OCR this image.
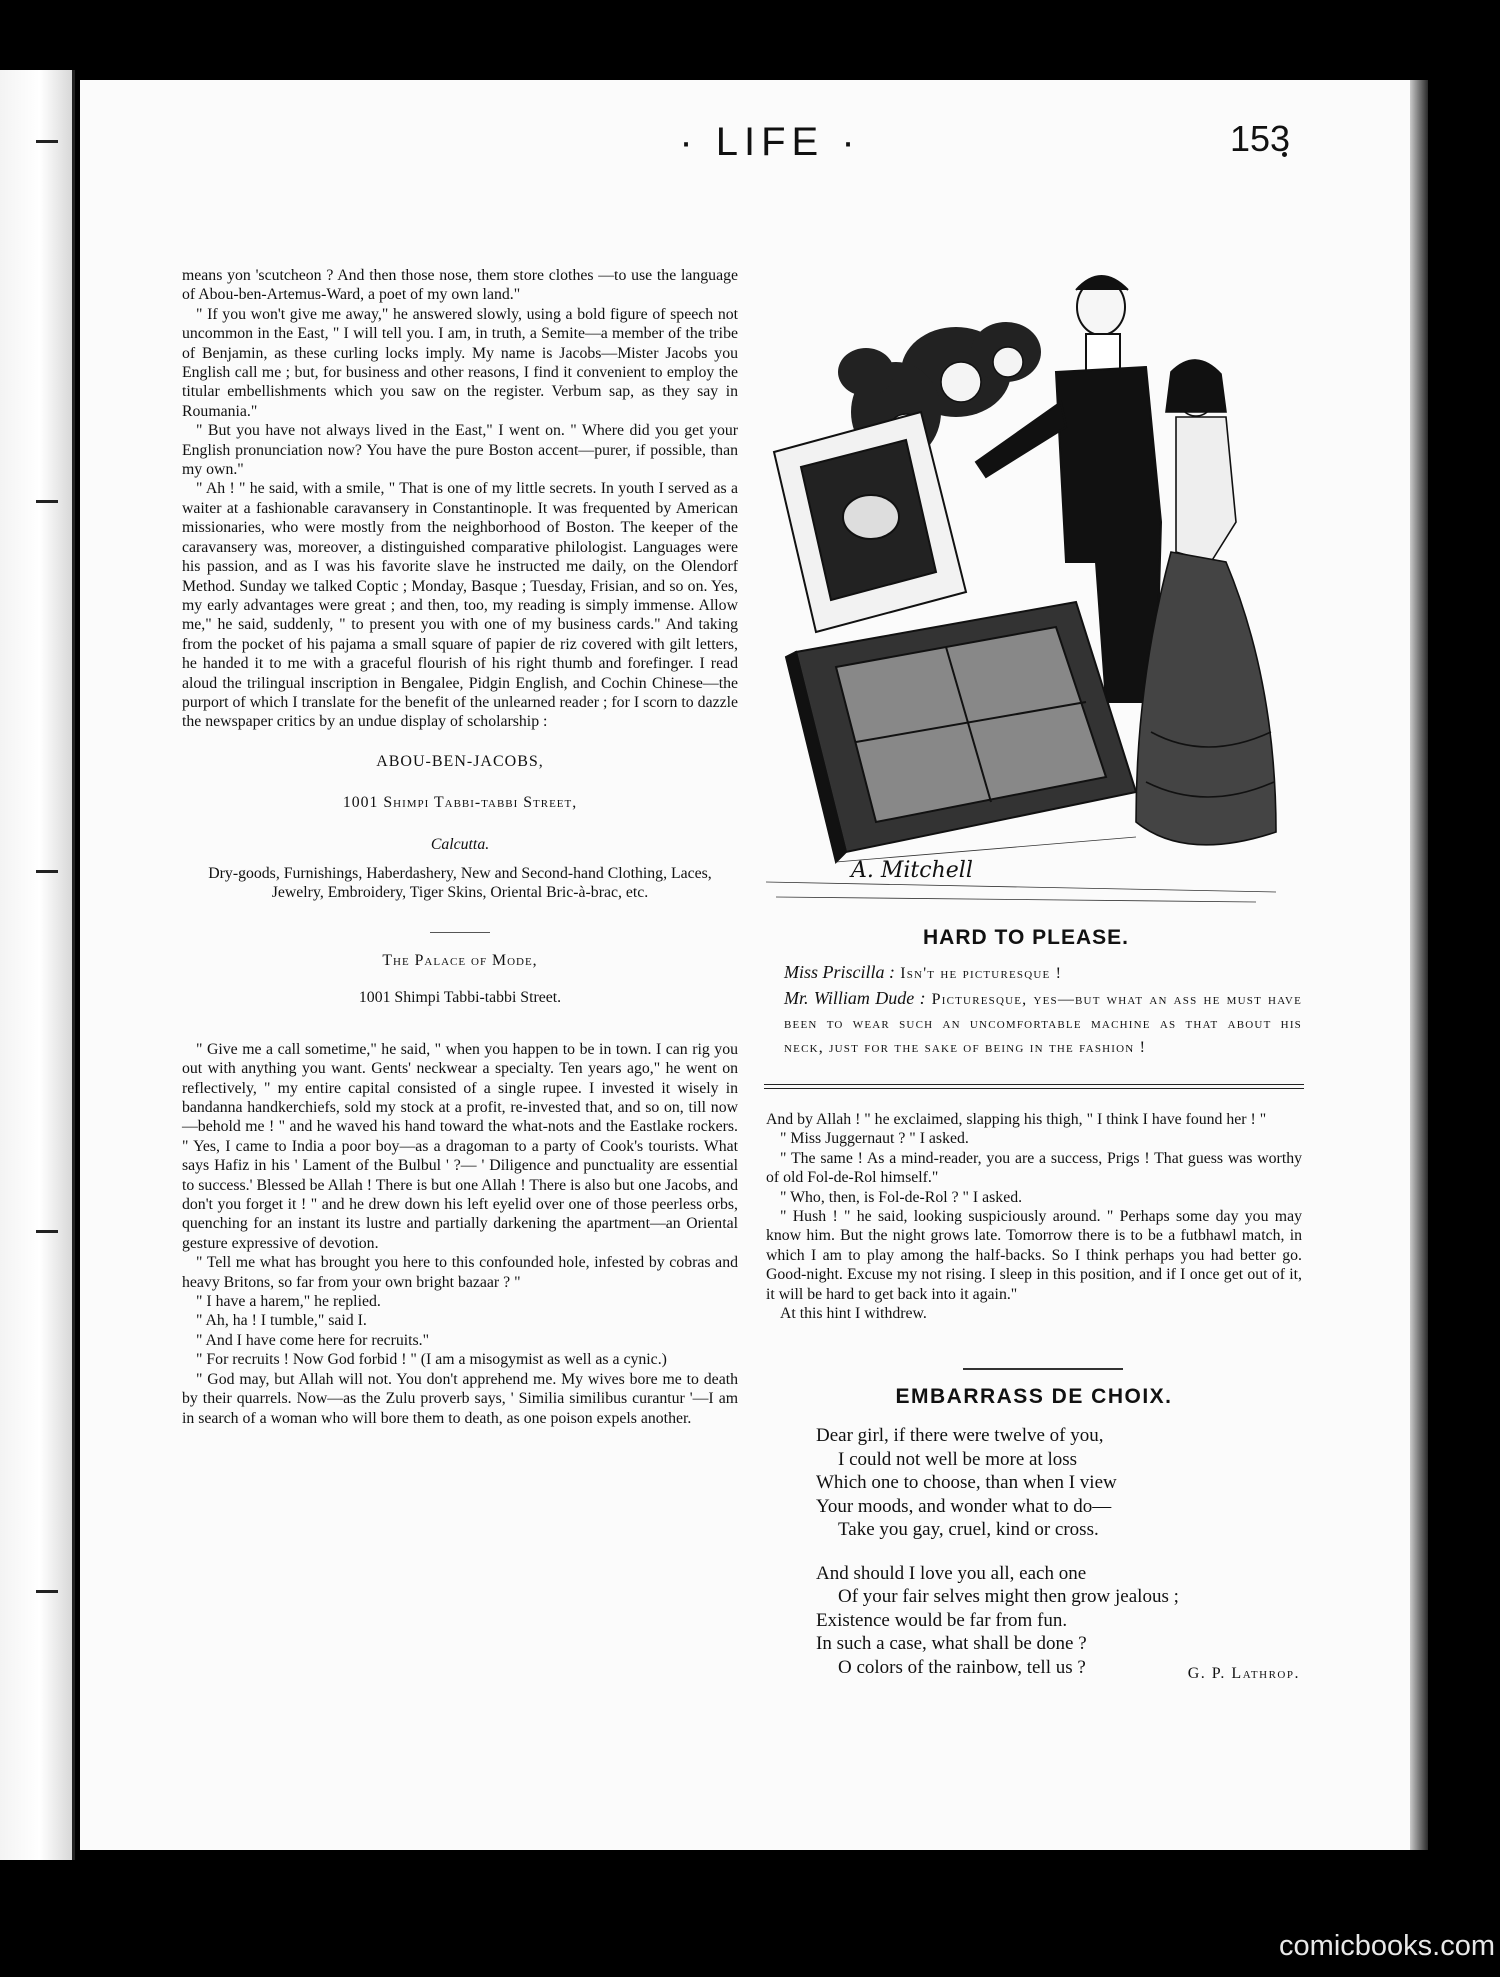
· LIFE ·	153

means yon 'scutcheon ? And then those nose, them store clothes —to use the language of Abou-ben-Artemus-Ward, a poet of my own land."

" If you won't give me away," he answered slowly, using a bold figure of speech not uncommon in the East, " I will tell you. I am, in truth, a Semite—a member of the tribe of Benjamin, as these curling locks imply. My name is Jacobs—Mister Jacobs you English call me ; but, for business and other reasons, I find it convenient to employ the titular embellishments which you saw on the register. Verbum sap, as they say in Roumania."

" But you have not always lived in the East," I went on. " Where did you get your English pronunciation now? You have the pure Boston accent—purer, if possible, than my own."

" Ah ! " he said, with a smile, " That is one of my little secrets. In youth I served as a waiter at a fashionable caravansery in Constantinople. It was frequented by American missionaries, who were mostly from the neighborhood of Boston. The keeper of the caravansery was, moreover, a distinguished comparative philologist. Languages were his passion, and as I was his favorite slave he instructed me daily, on the Olendorf Method. Sunday we talked Coptic ; Monday, Basque ; Tuesday, Frisian, and so on. Yes, my early advantages were great ; and then, too, my reading is simply immense. Allow me," he said, suddenly, " to present you with one of my business cards." And taking from the pocket of his pajama a small square of papier de riz covered with gilt letters, he handed it to me with a graceful flourish of his right thumb and forefinger. I read aloud the trilingual inscription in Bengalee, Pidgin English, and Cochin Chinese—the purport of which I translate for the benefit of the unlearned reader ; for I scorn to dazzle the newspaper critics by an undue display of scholarship :

ABOU-BEN-JACOBS,
1001 Shimpi Tabbi-tabbi Street,
Calcutta.
Dry-goods, Furnishings, Haberdashery, New and Second-hand Clothing, Laces, Jewelry, Embroidery, Tiger Skins, Oriental Bric-à-brac, etc.
The Palace of Mode,
1001 Shimpi Tabbi-tabbi Street.

" Give me a call sometime," he said, " when you happen to be in town. I can rig you out with anything you want. Gents' neckwear a specialty. Ten years ago," he went on reflectively, " my entire capital consisted of a single rupee. I invested it wisely in bandanna handkerchiefs, sold my stock at a profit, re-invested that, and so on, till now—behold me ! " and he waved his hand toward the what-nots and the Eastlake rockers. " Yes, I came to India a poor boy—as a dragoman to a party of Cook's tourists. What says Hafiz in his ' Lament of the Bulbul ' ?— ' Diligence and punctuality are essential to success.' Blessed be Allah ! There is but one Allah ! There is also but one Jacobs, and don't you forget it ! " and he drew down his left eyelid over one of those peerless orbs, quenching for an instant its lustre and partially darkening the apartment—an Oriental gesture expressive of devotion.

" Tell me what has brought you here to this confounded hole, infested by cobras and heavy Britons, so far from your own bright bazaar ? "

" I have a harem," he replied.

" Ah, ha ! I tumble," said I.

" And I have come here for recruits."

" For recruits ! Now God forbid ! " (I am a misogymist as well as a cynic.)

" God may, but Allah will not. You don't apprehend me. My wives bore me to death by their quarrels. Now—as the Zulu proverb says, ' Similia similibus curantur '—I am in search of a woman who will bore them to death, as one poison expels another.

A. Mitchell
HARD TO PLEASE.
Miss Priscilla : Isn't he picturesque !
Mr. William Dude : Picturesque, yes—but what an ass he must have been to wear such an uncomfortable machine as that about his neck, just for the sake of being in the fashion !

And by Allah ! " he exclaimed, slapping his thigh, " I think I have found her ! "

" Miss Juggernaut ? " I asked.

" The same ! As a mind-reader, you are a success, Prigs ! That guess was worthy of old Fol-de-Rol himself."

" Who, then, is Fol-de-Rol ? " I asked.

" Hush ! " he said, looking suspiciously around. " Perhaps some day you may know him. But the night grows late. Tomorrow there is to be a futbhawl match, in which I am to play among the half-backs. So I think perhaps you had better go. Good-night. Excuse my not rising. I sleep in this position, and if I once get out of it, it will be hard to get back into it again."

At this hint I withdrew.

EMBARRASS DE CHOIX.
Dear girl, if there were twelve of you,
I could not well be more at loss
Which one to choose, than when I view
Your moods, and wonder what to do—
Take you gay, cruel, kind or cross.
And should I love you all, each one
Of your fair selves might then grow jealous ;
Existence would be far from fun.
In such a case, what shall be done ?
O colors of the rainbow, tell us ?	G. P. Lathrop.
comicbooks.com
